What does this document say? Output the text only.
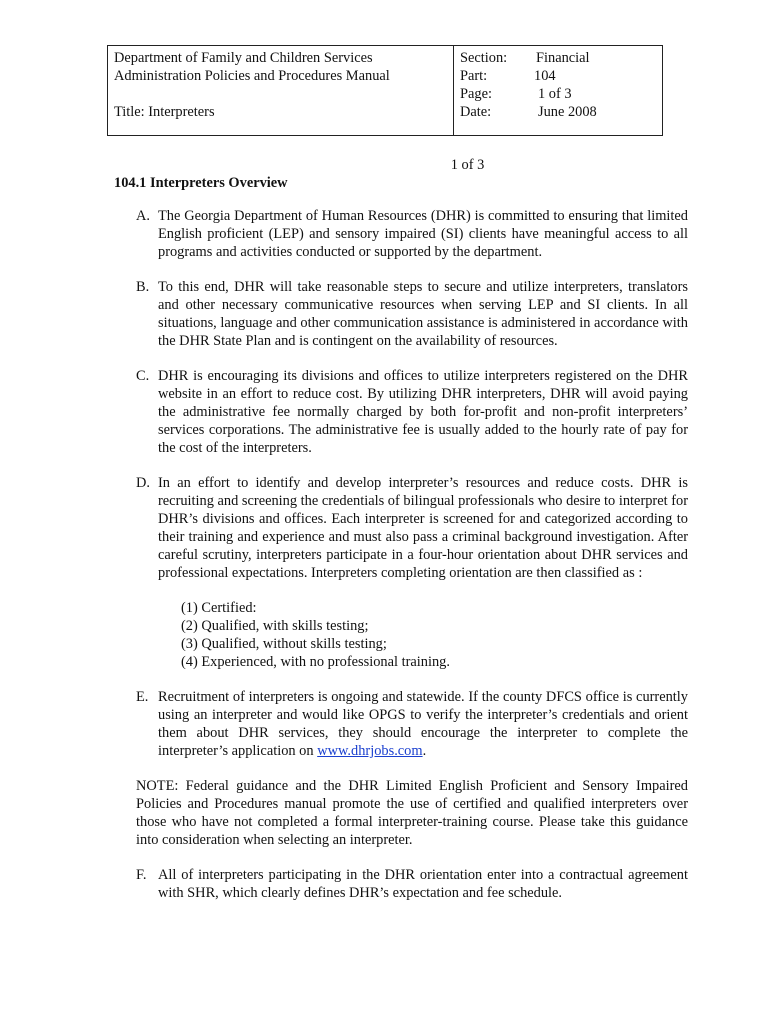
Department of Family and Children Services
Administration Policies and Procedures Manual
Title: Interpreters
Section: Financial
Part:	104
Page:	1 of 3
Date:	June 2008
1 of 3
104.1 Interpreters Overview
A. The Georgia Department of Human Resources (DHR) is committed to ensuring that limited English proficient (LEP) and sensory impaired (SI) clients have meaningful access to all programs and activities conducted or supported by the department.
B. To this end, DHR will take reasonable steps to secure and utilize interpreters, translators and other necessary communicative resources when serving LEP and SI clients. In all situations, language and other communication assistance is administered in accordance with the DHR State Plan and is contingent on the availability of resources.
C. DHR is encouraging its divisions and offices to utilize interpreters registered on the DHR website in an effort to reduce cost. By utilizing DHR interpreters, DHR will avoid paying the administrative fee normally charged by both for-profit and non-profit interpreters’ services corporations. The administrative fee is usually added to the hourly rate of pay for the cost of the interpreters.
D. In an effort to identify and develop interpreter’s resources and reduce costs. DHR is recruiting and screening the credentials of bilingual professionals who desire to interpret for DHR’s divisions and offices. Each interpreter is screened for and categorized according to their training and experience and must also pass a criminal background investigation. After careful scrutiny, interpreters participate in a four-hour orientation about DHR services and professional expectations. Interpreters completing orientation are then classified as :
(1) Certified:
(2) Qualified, with skills testing;
(3) Qualified, without skills testing;
(4) Experienced, with no professional training.
E. Recruitment of interpreters is ongoing and statewide. If the county DFCS office is currently using an interpreter and would like OPGS to verify the interpreter’s credentials and orient them about DHR services, they should encourage the interpreter to complete the interpreter’s application on www.dhrjobs.com.
NOTE: Federal guidance and the DHR Limited English Proficient and Sensory Impaired Policies and Procedures manual promote the use of certified and qualified interpreters over those who have not completed a formal interpreter-training course. Please take this guidance into consideration when selecting an interpreter.
F. All of interpreters participating in the DHR orientation enter into a contractual agreement with SHR, which clearly defines DHR’s expectation and fee schedule.
